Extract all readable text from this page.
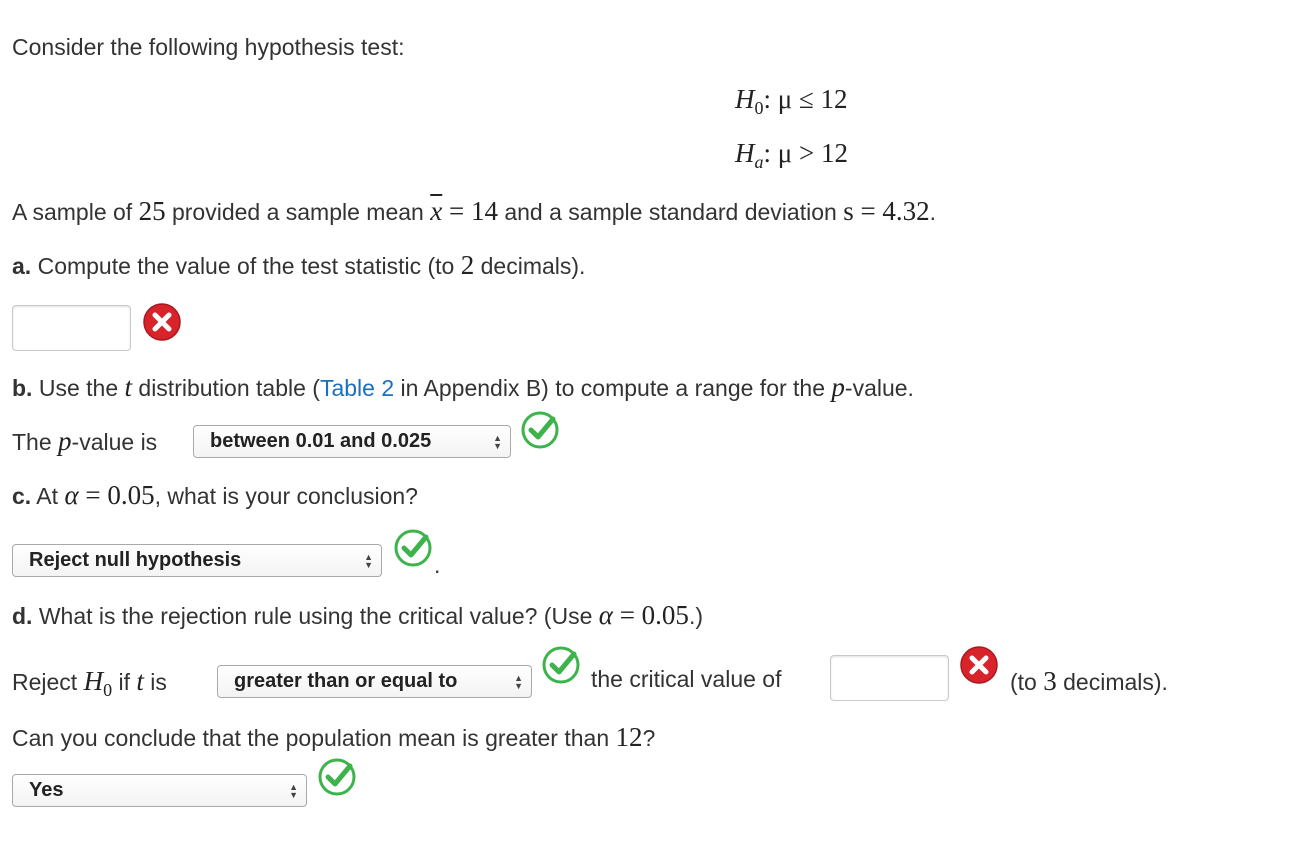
Consider the following hypothesis test:
$H_0$: μ ≤ 12
$H_a$: μ > 12
A sample of 25 provided a sample mean $\overline{x} = 14$ and a sample standard deviation s = 4.32.
a. Compute the value of the test statistic (to 2 decimals).
b. Use the t distribution table (Table 2 in Appendix B) to compute a range for the p-value.
The p-value is	between 0.01 and 0.025	▲
▼
c. At α = 0.05, what is your conclusion?
Reject null hypothesis	▲
▼	.
d. What is the rejection rule using the critical value? (Use α = 0.05.)
Reject $H_0$ if t is	greater than or equal to	▲
▼	the critical value of	(to 3 decimals).
Can you conclude that the population mean is greater than 12?
Yes	▲
▼
